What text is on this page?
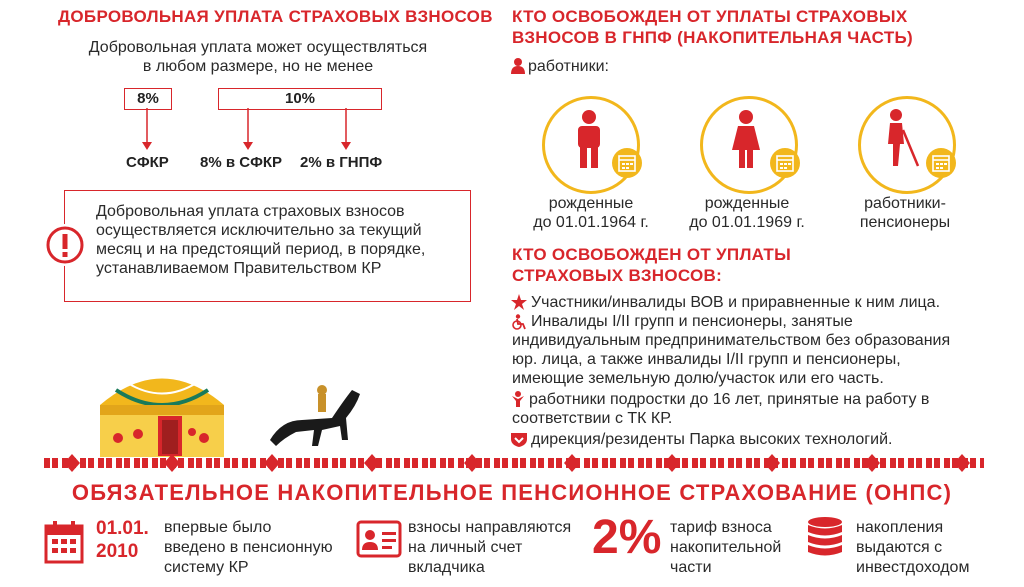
ДОБРОВОЛЬНАЯ УПЛАТА СТРАХОВЫХ ВЗНОСОВ
Добровольная уплата может осуществляться
в любом размере, но не менее
8%	10%
СФКР 8% в СФКР 2% в ГНПФ
Добровольная уплата страховых взносов
осуществляется исключительно за текущий
месяц и на предстоящий период, в порядке,
устанавливаемом Правительством КР
КТО ОСВОБОЖДЕН ОТ УПЛАТЫ СТРАХОВЫХ
ВЗНОСОВ В ГНПФ (НАКОПИТЕЛЬНАЯ ЧАСТЬ)
работники:
рожденные
до 01.01.1964 г.
рожденные
до 01.01.1969 г.
работники-
пенсионеры
КТО ОСВОБОЖДЕН ОТ УПЛАТЫ
СТРАХОВЫХ ВЗНОСОВ:
Участники/инвалиды ВОВ и приравненные к ним лица.
Инвалиды I/II групп и пенсионеры, занятые
индивидуальным предпринимательством без образования
юр. лица, а также инвалиды I/II групп и пенсионеры,
имеющие земельную долю/участок или его часть.
работники подростки до 16 лет, принятые на работу в
соответствии с ТК КР.
дирекция/резиденты Парка высоких технологий.
ОБЯЗАТЕЛЬНОЕ НАКОПИТЕЛЬНОЕ ПЕНСИОННОЕ СТРАХОВАНИЕ (ОНПС)
01.01.
2010
впервые было
введено в пенсионную
систему КР
взносы направляются
на личный счет
вкладчика
2% тариф взноса
накопительной
части
накопления
выдаются с
инвестдоходом
